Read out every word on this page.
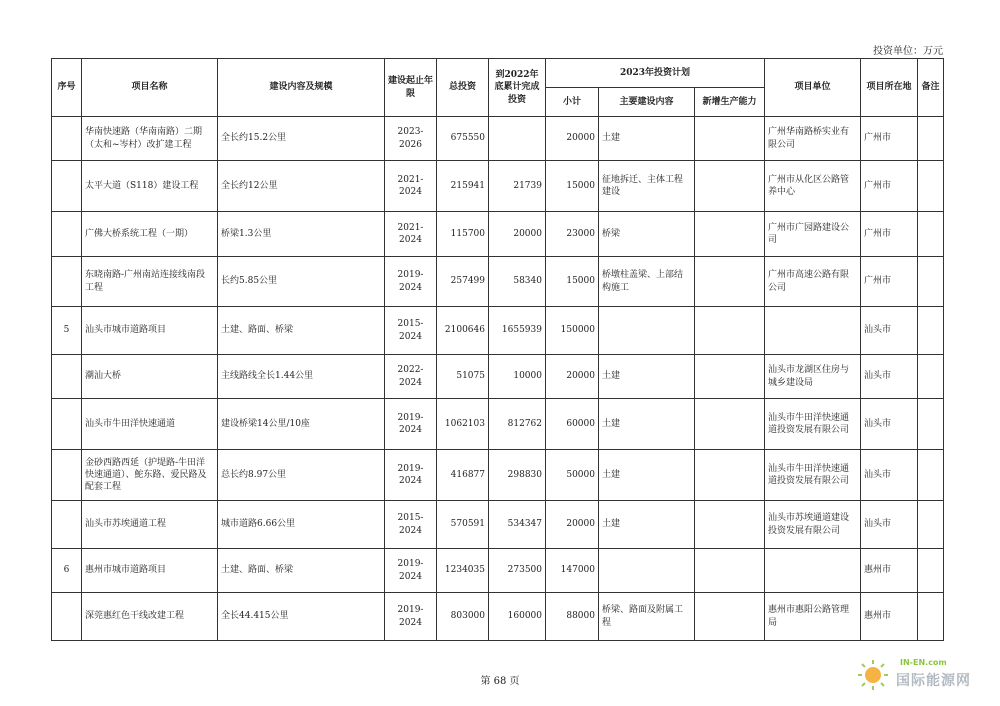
投资单位：万元
序号	项目名称	建设内容及规模	建设起止年限	总投资	到2022年底累计完成投资	2023年投资计划			项目单位	项目所在地	备注
						小计	主要建设内容	新增生产能力			
	华南快速路（华南南路）二期（太和~岑村）改扩建工程	全长约15.2公里	2023-2026	675550		20000	土建		广州华南路桥实业有限公司	广州市	
	太平大道（S118）建设工程	全长约12公里	2021-2024	215941	21739	15000	征地拆迁、主体工程建设		广州市从化区公路管养中心	广州市	
	广佛大桥系统工程（一期）	桥梁1.3公里	2021-2024	115700	20000	23000	桥梁		广州市广园路建设公司	广州市	
	东晓南路-广州南站连接线南段工程	长约5.85公里	2019-2024	257499	58340	15000	桥墩柱盖梁、上部结构施工		广州市高速公路有限公司	广州市	
5	汕头市城市道路项目	土建、路面、桥梁	2015-2024	2100646	1655939	150000				汕头市	
	潮汕大桥	主线路线全长1.44公里	2022-2024	51075	10000	20000	土建		汕头市龙湖区住房与城乡建设局	汕头市	
	汕头市牛田洋快速通道	建设桥梁14公里/10座	2019-2024	1062103	812762	60000	土建		汕头市牛田洋快速通道投资发展有限公司	汕头市	
	金砂西路西延（护堤路-牛田洋快速通道）、鮀东路、爱民路及配套工程	总长约8.97公里	2019-2024	416877	298830	50000	土建		汕头市牛田洋快速通道投资发展有限公司	汕头市	
	汕头市苏埃通道工程	城市道路6.66公里	2015-2024	570591	534347	20000	土建		汕头市苏埃通道建设投资发展有限公司	汕头市	
6	惠州市城市道路项目	土建、路面、桥梁	2019-2024	1234035	273500	147000				惠州市	
	深莞惠红色干线改建工程	全长44.415公里	2019-2024	803000	160000	88000	桥梁、路面及附属工程		惠州市惠阳公路管理局	惠州市	
第 68 页
IN-EN.com
国际能源网
